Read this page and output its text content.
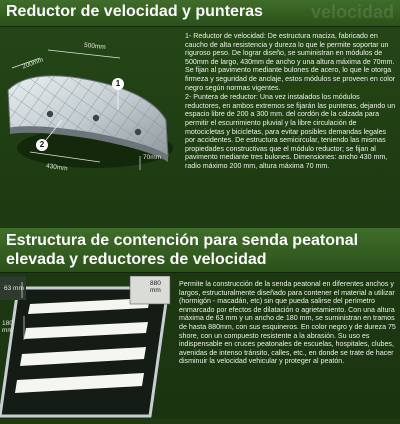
Reductor de velocidad y punteras	velocidad
200mm
500mm
70mm
430mm
1
2

1- Reductor de velocidad: De estructura maciza, fabricado en caucho de alta resistencia y dureza lo que le permite soportar un riguroso peso. De lograr diseño, se suministran en módulos de 500mm de largo, 430mm de ancho y una altura máxima de 70mm. Se fijan al pavimento mediante bulones de acero, lo que le otorga firmeza y seguridad de anclaje, estos módulos se proveen en color negro según normas vigentes.

2- Puntera de reductor: Una vez instalados los módulos reductores, en ambos extremos se fijarán las punteras, dejando un espacio libre de 200 a 300 mm. del cordón de la calzada para permitir el escurrimiento pluvial y la libre circulación de motocicletas y bicicletas, para evitar posibles demandas legales por accidentes. De estructura semicircular, teniendo las mismas propiedades constructivas que el módulo reductor; se fijan al pavimento mediante tres bulones. Dimensiones: ancho 430 mm, radio máximo 200 mm, altura máxima 70 mm.

Estructura de contención para senda peatonal elevada y reductores de velocidad
63 mm
880 mm
180 mm

Permite la construcción de la senda peatonal en diferentes anchos y largos, estructuralmente diseñado para contener el material a utilizar (hormigón - macadán, etc) sin que pueda salirse del perímetro enmarcado por efectos de dilatación o agrietamiento. Con una altura máxima de 63 mm y un ancho de 180 mm, se suministran en tramos de hasta 880mm, con sus esquineros. En color negro y de dureza 75 shore, con un compuesto resistente a la abrasión. Su uso es indispensable en cruces peatonales de escuelas, hospitales, clubes, avenidas de intenso tránsito, calles, etc., en donde se trate de hacer disminuir la velocidad vehicular y proteger al peatón.
